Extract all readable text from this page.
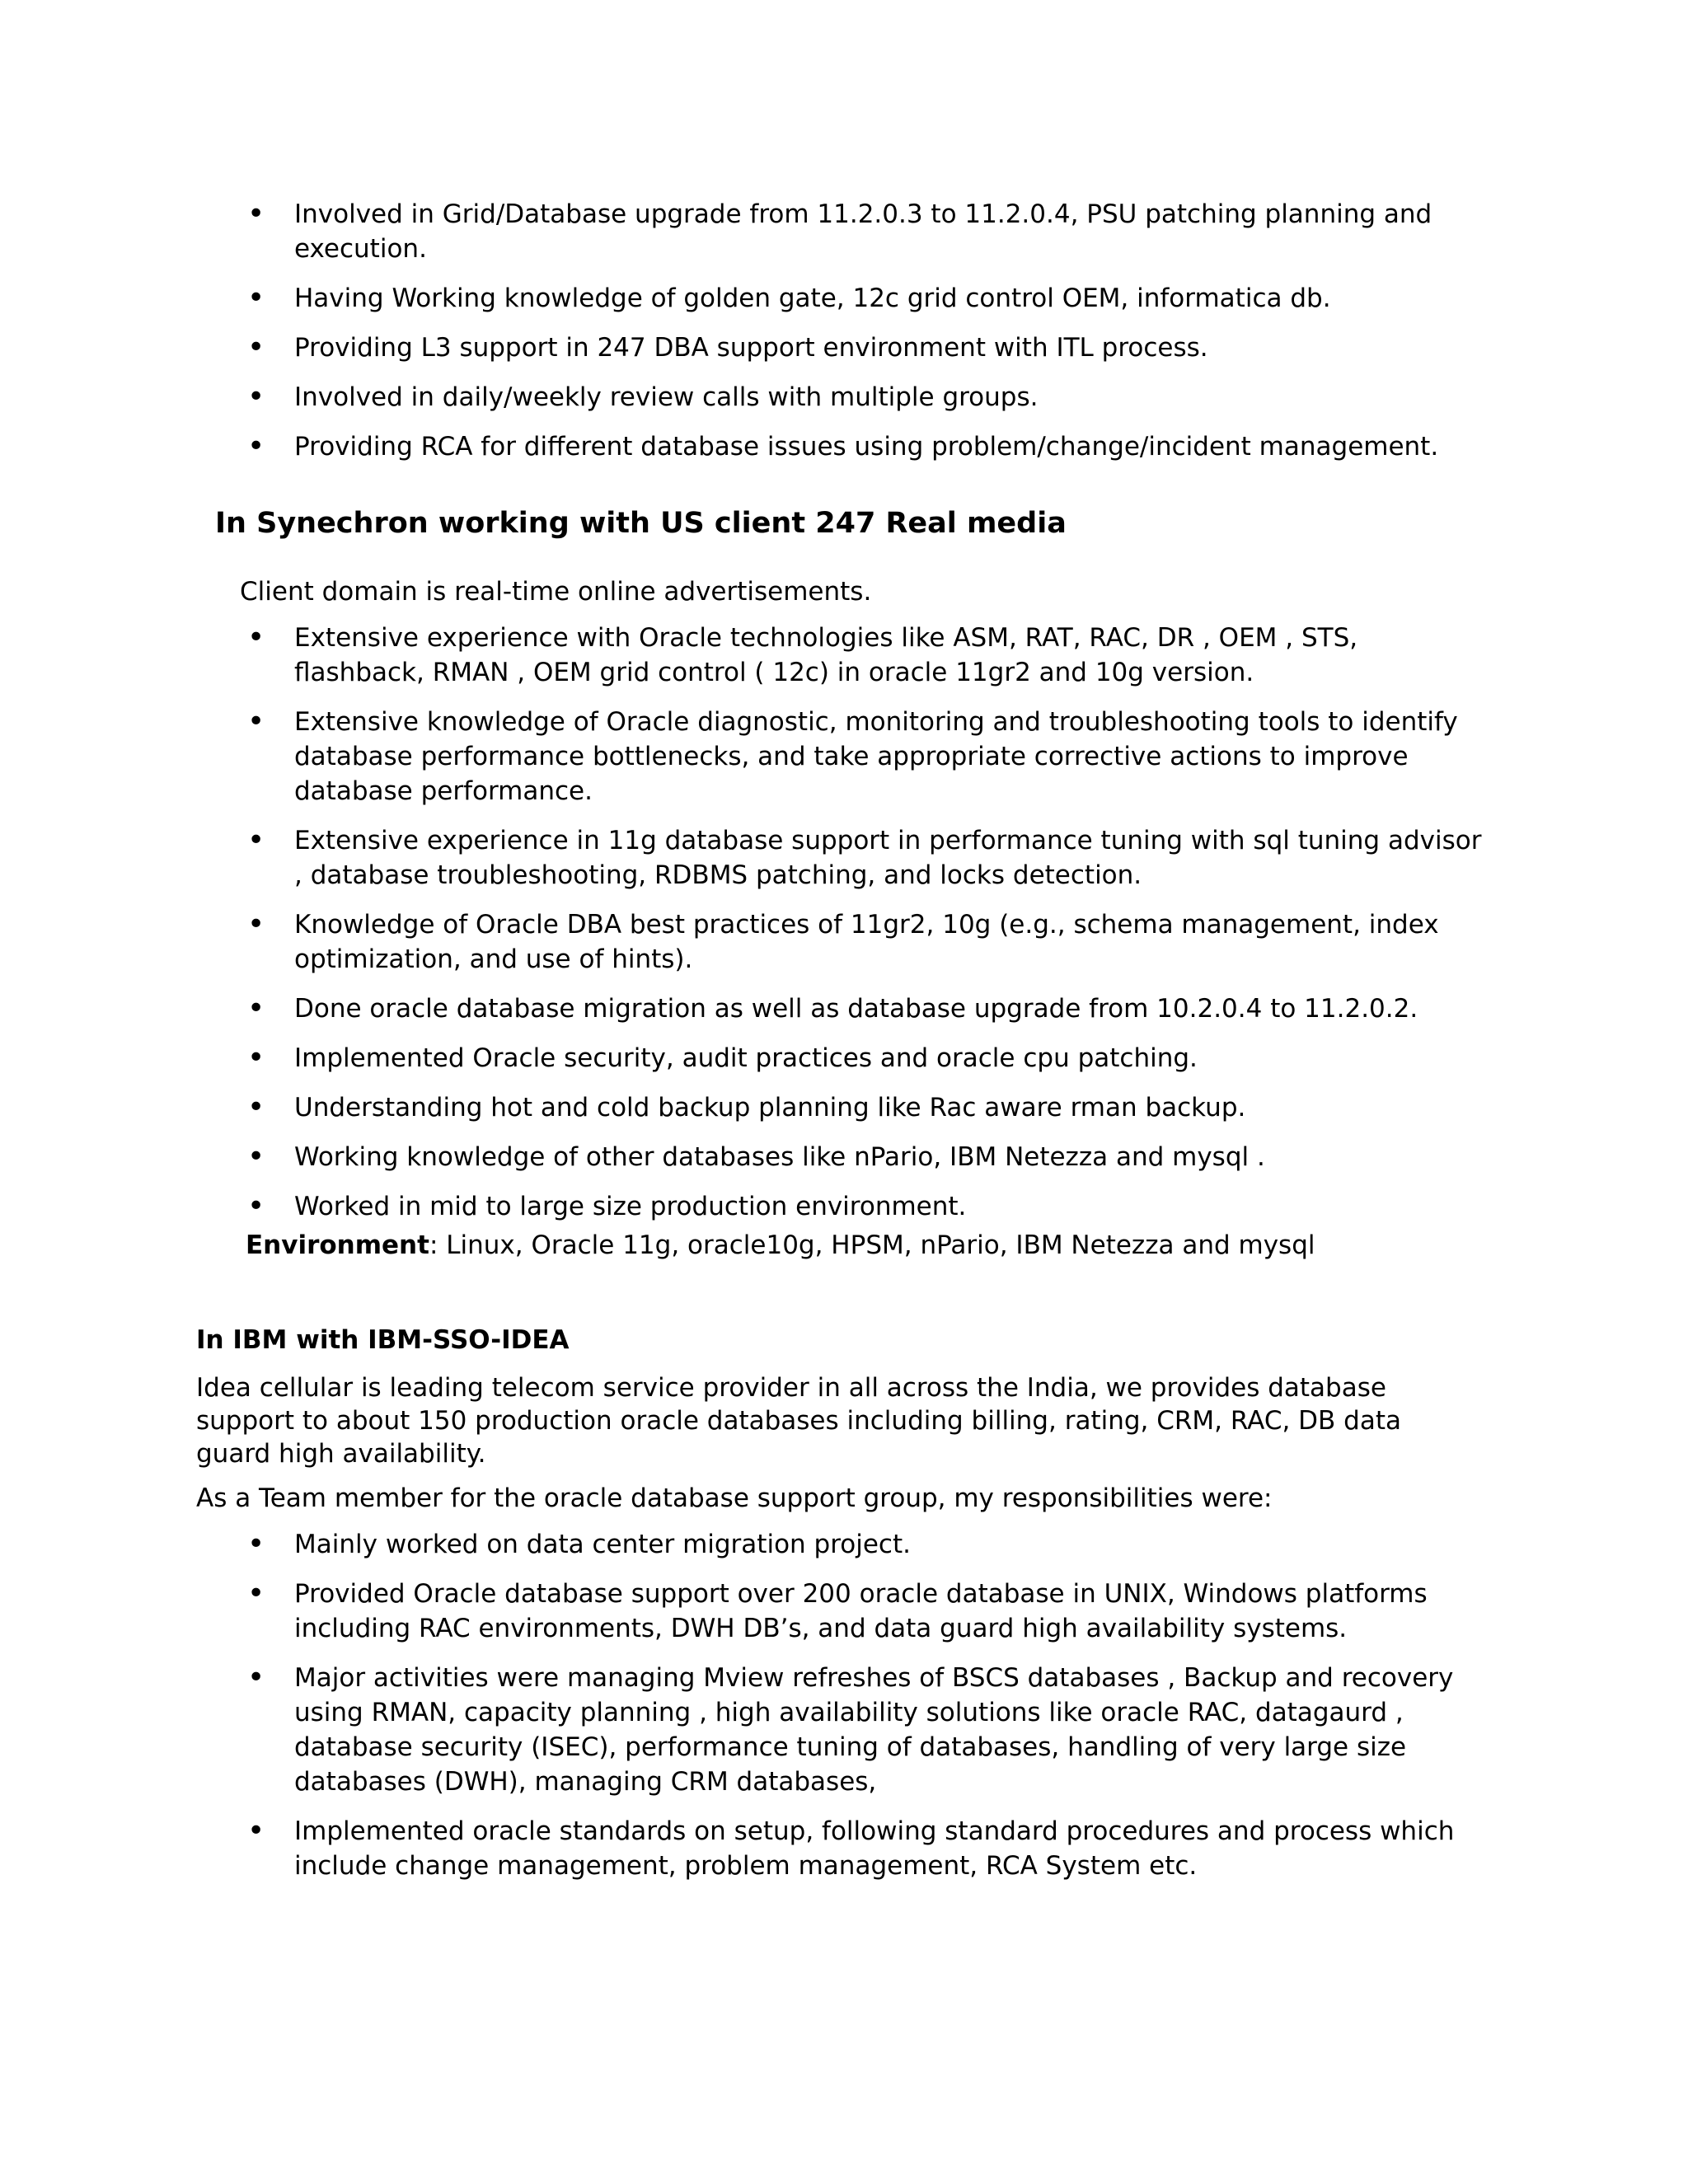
• Involved in Grid/Database upgrade from 11.2.0.3 to 11.2.0.4, PSU patching planning and execution.
• Having Working knowledge of golden gate, 12c grid control OEM, informatica db.
• Providing L3 support in 247 DBA support environment with ITL process.
• Involved in daily/weekly review calls with multiple groups.
• Providing RCA for different database issues using problem/change/incident management.
In Synechron working with US client 247 Real media
Client domain is real-time online advertisements.
• Extensive experience with Oracle technologies like ASM, RAT, RAC, DR , OEM , STS, flashback, RMAN , OEM grid control ( 12c) in oracle 11gr2 and 10g version.
• Extensive knowledge of Oracle diagnostic, monitoring and troubleshooting tools to identify database performance bottlenecks, and take appropriate corrective actions to improve database performance.
• Extensive experience in 11g database support in performance tuning with sql tuning advisor , database troubleshooting, RDBMS patching, and locks detection.
• Knowledge of Oracle DBA best practices of 11gr2, 10g (e.g., schema management, index optimization, and use of hints).
• Done oracle database migration as well as database upgrade from 10.2.0.4 to 11.2.0.2.
• Implemented Oracle security, audit practices and oracle cpu patching.
• Understanding hot and cold backup planning like Rac aware rman backup.
• Working knowledge of other databases like nPario, IBM Netezza and mysql .
• Worked in mid to large size production environment.
Environment: Linux, Oracle 11g, oracle10g, HPSM, nPario, IBM Netezza and mysql
In IBM with IBM-SSO-IDEA
Idea cellular is leading telecom service provider in all across the India, we provides database support to about 150 production oracle databases including billing, rating, CRM, RAC, DB data guard high availability.
As a Team member for the oracle database support group, my responsibilities were:
• Mainly worked on data center migration project.
• Provided Oracle database support over 200 oracle database in UNIX, Windows platforms including RAC environments, DWH DB’s, and data guard high availability systems.
• Major activities were managing Mview refreshes of BSCS databases , Backup and recovery using RMAN, capacity planning , high availability solutions like oracle RAC, datagaurd , database security (ISEC), performance tuning of databases, handling of very large size databases (DWH), managing CRM databases,
• Implemented oracle standards on setup, following standard procedures and process which include change management, problem management, RCA System etc.
